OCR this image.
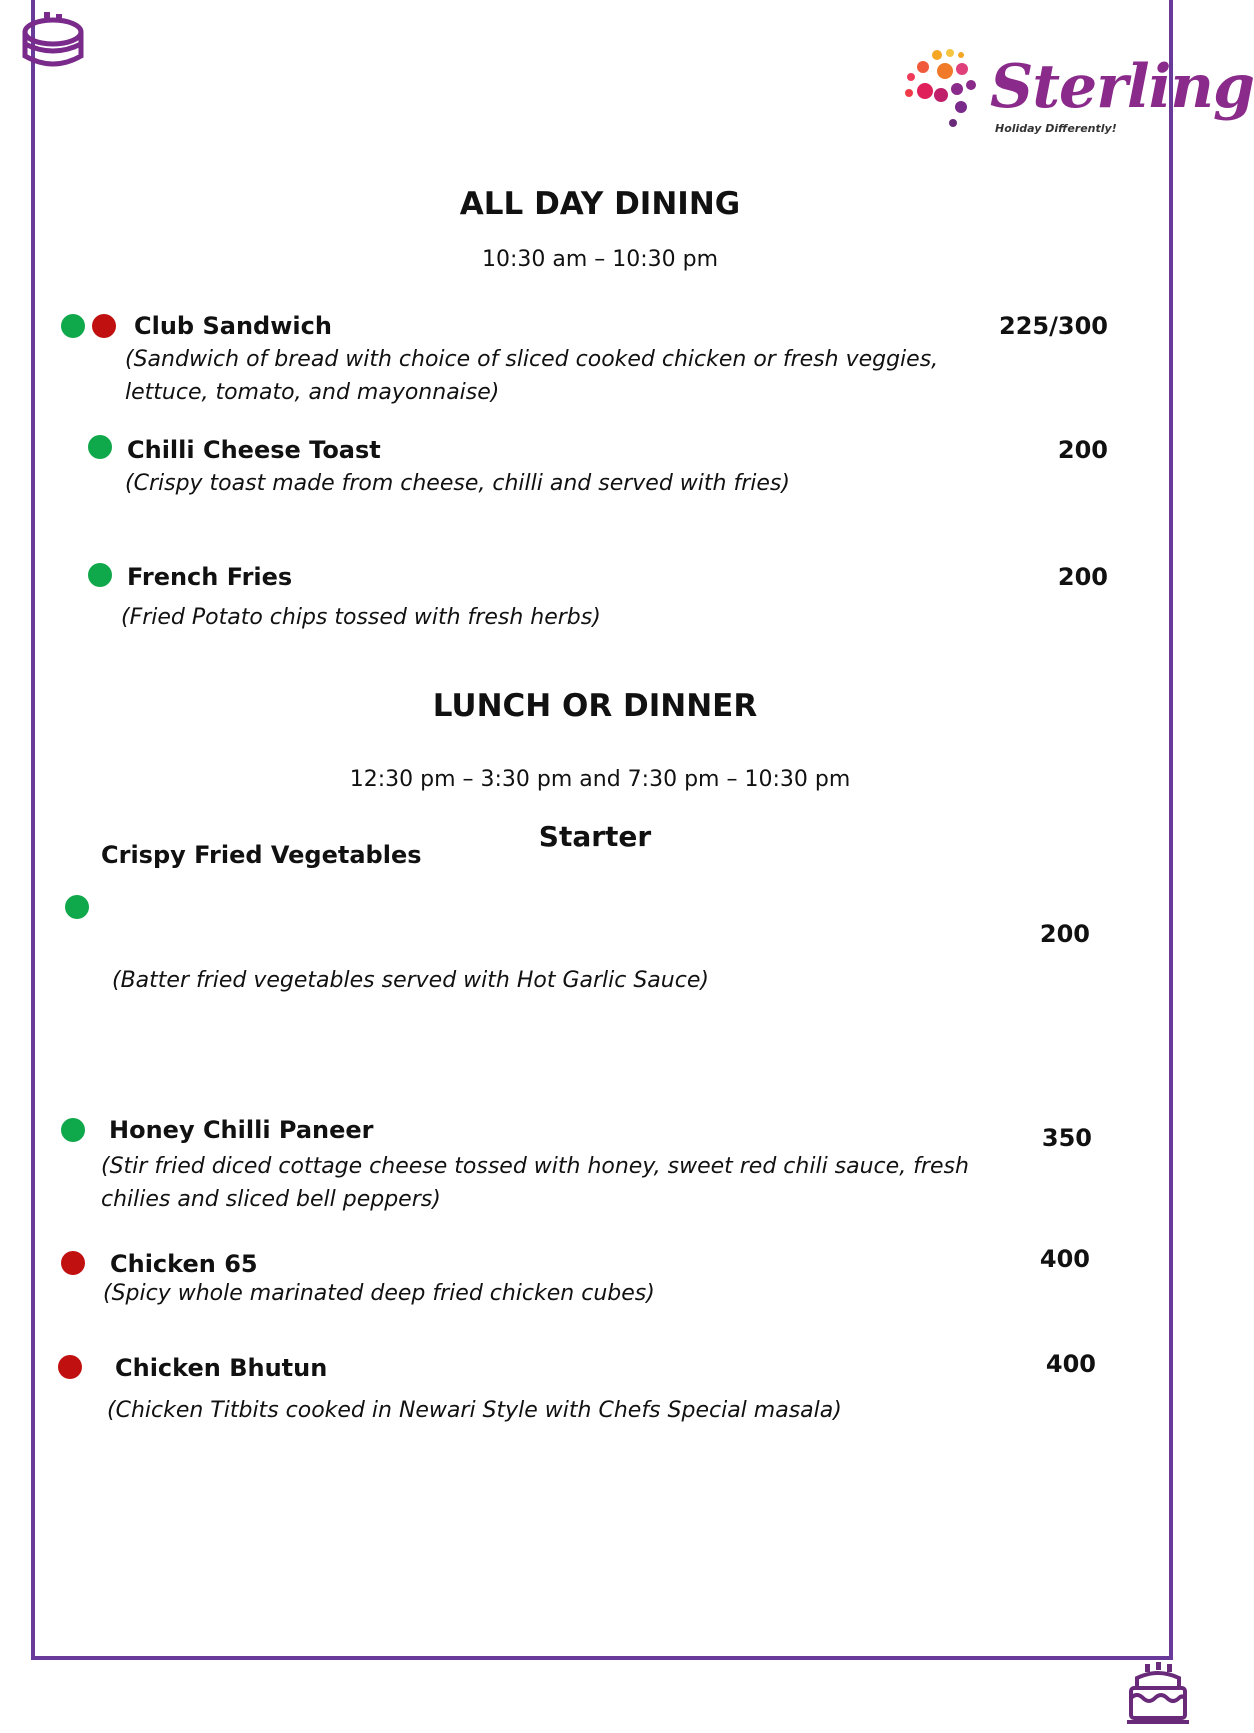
Sterling
Holiday Differently!
ALL DAY DINING
10:30 am – 10:30 pm
Club Sandwich	225/300
(Sandwich of bread with choice of sliced cooked chicken or fresh veggies, lettuce, tomato, and mayonnaise)
Chilli Cheese Toast	200
(Crispy toast made from cheese, chilli and served with fries)
French Fries	200
(Fried Potato chips tossed with fresh herbs)
LUNCH OR DINNER
12:30 pm – 3:30 pm and 7:30 pm – 10:30 pm
Starter
Crispy Fried Vegetables
200
(Batter fried vegetables served with Hot Garlic Sauce)
Honey Chilli Paneer	350
(Stir fried diced cottage cheese tossed with honey, sweet red chili sauce, fresh chilies and sliced bell peppers)
Chicken 65	400
(Spicy whole marinated deep fried chicken cubes)
Chicken Bhutun	400
(Chicken Titbits cooked in Newari Style with Chefs Special masala)
